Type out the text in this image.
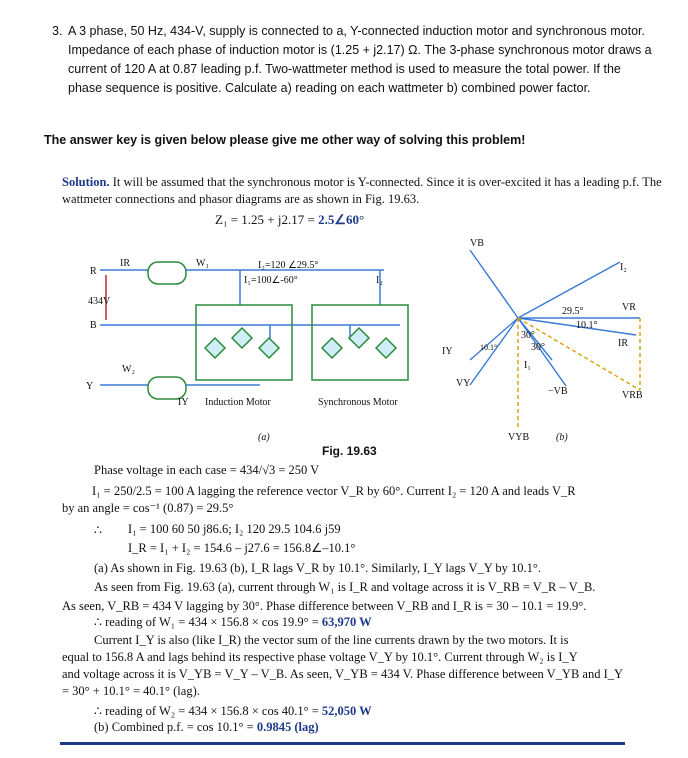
3. A 3 phase, 50 Hz, 434-V, supply is connected to a, Y-connected induction motor and synchronous motor. Impedance of each phase of induction motor is (1.25 + j2.17) Ω. The 3-phase synchronous motor draws a current of 120 A at 0.87 leading p.f. Two-wattmeter method is used to measure the total power. If the phase sequence is positive. Calculate a) reading on each wattmeter b) combined power factor.
The answer key is given below please give me other way of solving this problem!
Solution. It will be assumed that the synchronous motor is Y-connected. Since it is over-excited it has a leading p.f. The wattmeter connections and phasor diagrams are as shown in Fig. 19.63.
Z₁ = 1.25 + j2.17 = 2.5∠60°
R
IR	W₁	I₂=120 ∠29.5°
I₁=100∠-60°	I₂
434V
B
W₂
Y
IY Induction Motor	Synchronous Motor
(a)
VB
I₂
29.5°
10.1°
VR
IR
30°
30°
IY	10.1°
I₁
VY
−VB	VRB
VYB	(b)
Fig. 19.63
Phase voltage in each case = 434/√3 = 250 V
I₁ = 250/2.5 = 100 A lagging the reference vector V_R by 60°. Current I₂ = 120 A and leads V_R
by an angle = cos⁻¹ (0.87) = 29.5°
∴ I₁ = 100 60 50 j86.6; I₂ 120 29.5 104.6 j59
I_R = I₁ + I₂ = 154.6 – j27.6 = 156.8∠–10.1°
(a) As shown in Fig. 19.63 (b), I_R lags V_R by 10.1°. Similarly, I_Y lags V_Y by 10.1°.
As seen from Fig. 19.63 (a), current through W₁ is I_R and voltage across it is V_RB = V_R – V_B.
As seen, V_RB = 434 V lagging by 30°. Phase difference between V_RB and I_R is = 30 – 10.1 = 19.9°.
∴ reading of W₁ = 434 × 156.8 × cos 19.9° = 63,970 W
Current I_Y is also (like I_R) the vector sum of the line currents drawn by the two motors. It is
equal to 156.8 A and lags behind its respective phase voltage V_Y by 10.1°. Current through W₂ is I_Y
and voltage across it is V_YB = V_Y – V_B. As seen, V_YB = 434 V. Phase difference between V_YB and I_Y
= 30° + 10.1° = 40.1° (lag).
∴ reading of W₂ = 434 × 156.8 × cos 40.1° = 52,050 W
(b) Combined p.f. = cos 10.1° = 0.9845 (lag)
